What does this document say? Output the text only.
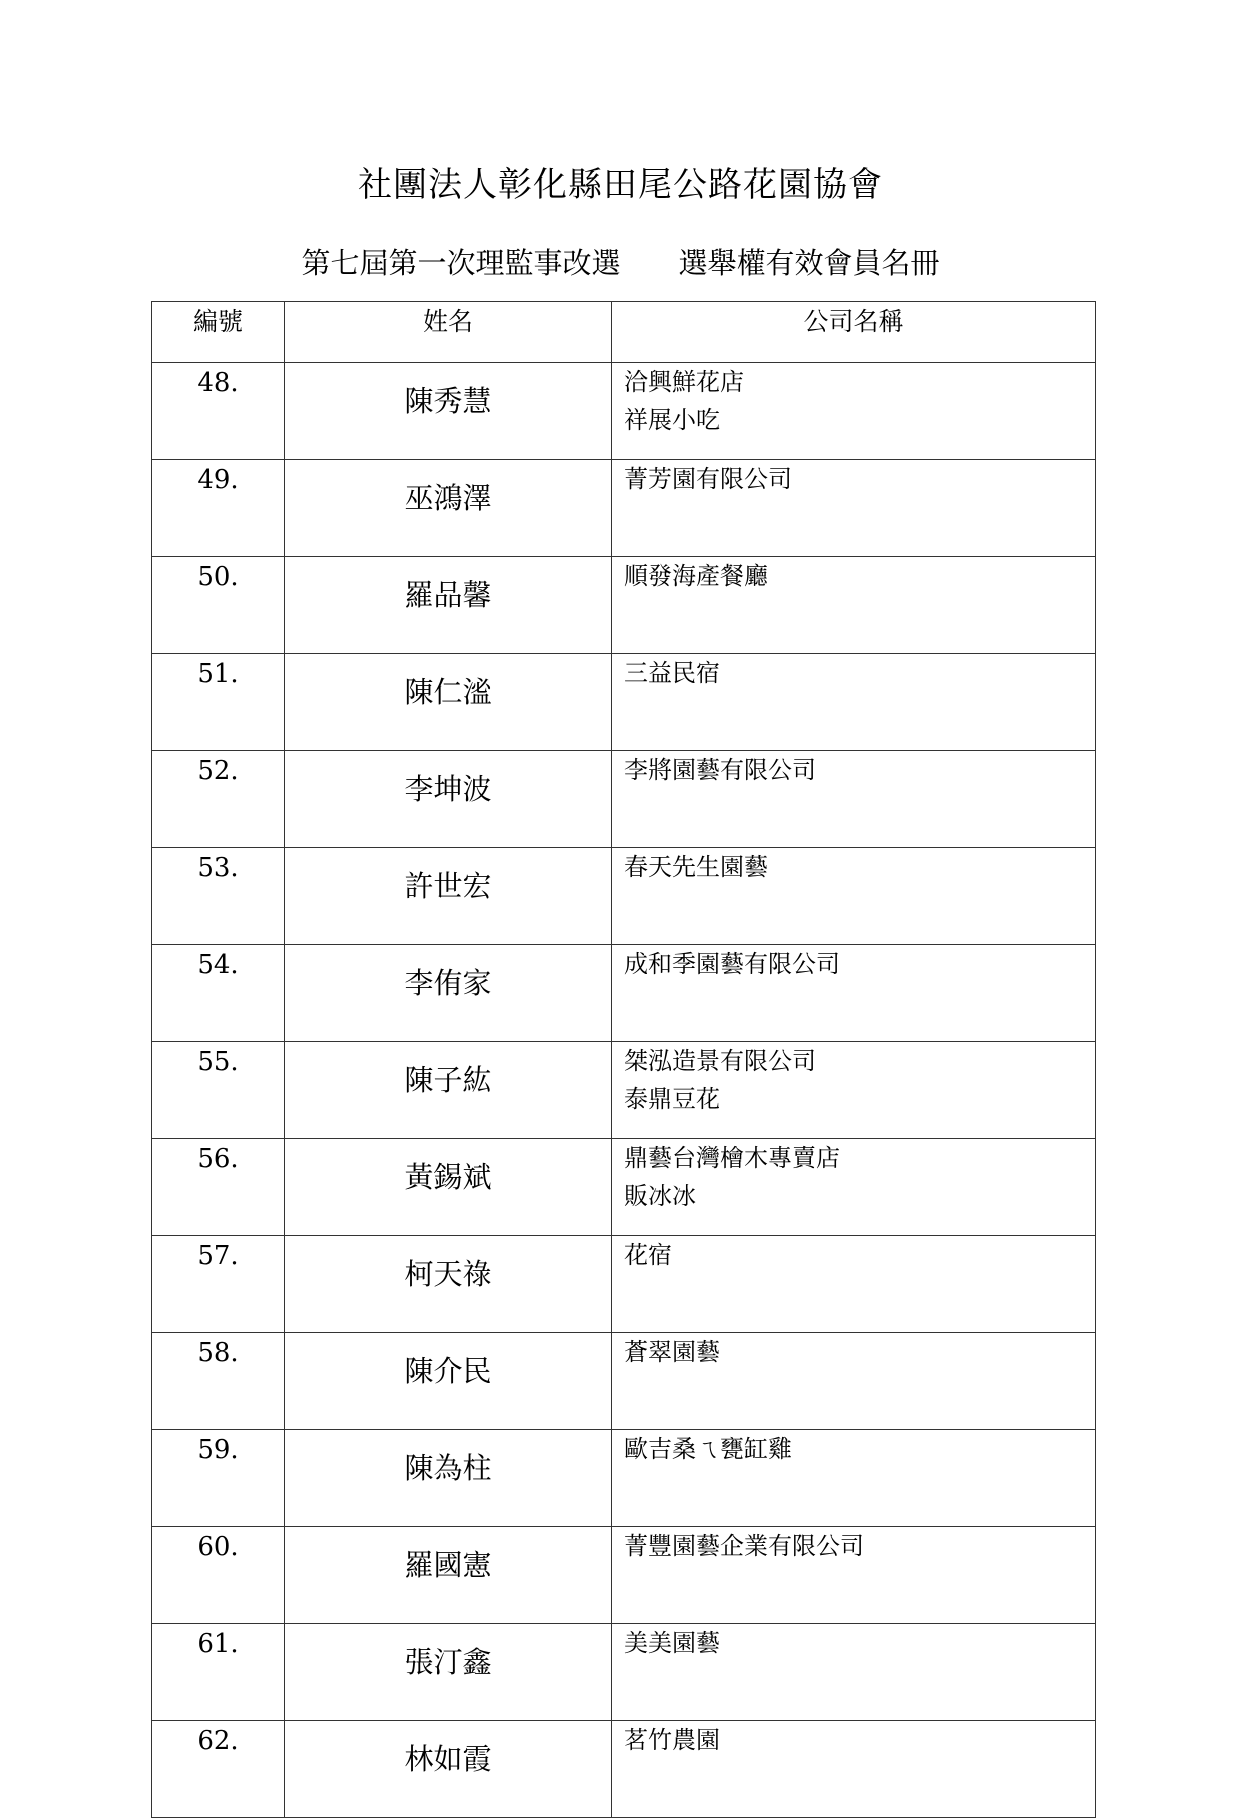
社團法人彰化縣田尾公路花園協會
第七屆第一次理監事改選　　選舉權有效會員名冊
編號	姓名	公司名稱
48.	陳秀慧	洽興鮮花店
祥展小吃

49.	巫鴻澤	菁芳園有限公司

50.	羅品馨	順發海產餐廳

51.	陳仁㴵	三益民宿

52.	李坤波	李將園藝有限公司

53.	許世宏	春天先生園藝

54.	李侑家	成和季園藝有限公司

55.	陳子紘	桀泓造景有限公司
泰鼎豆花

56.	黃錫斌	鼎藝台灣檜木專賣店
販冰冰

57.	柯天祿	花宿

58.	陳介民	蒼翠園藝

59.	陳為柱	歐吉桑ㄟ甕缸雞

60.	羅國憲	菁豐園藝企業有限公司

61.	張汀鑫	美美園藝

62.	林如霞	茗竹農園
